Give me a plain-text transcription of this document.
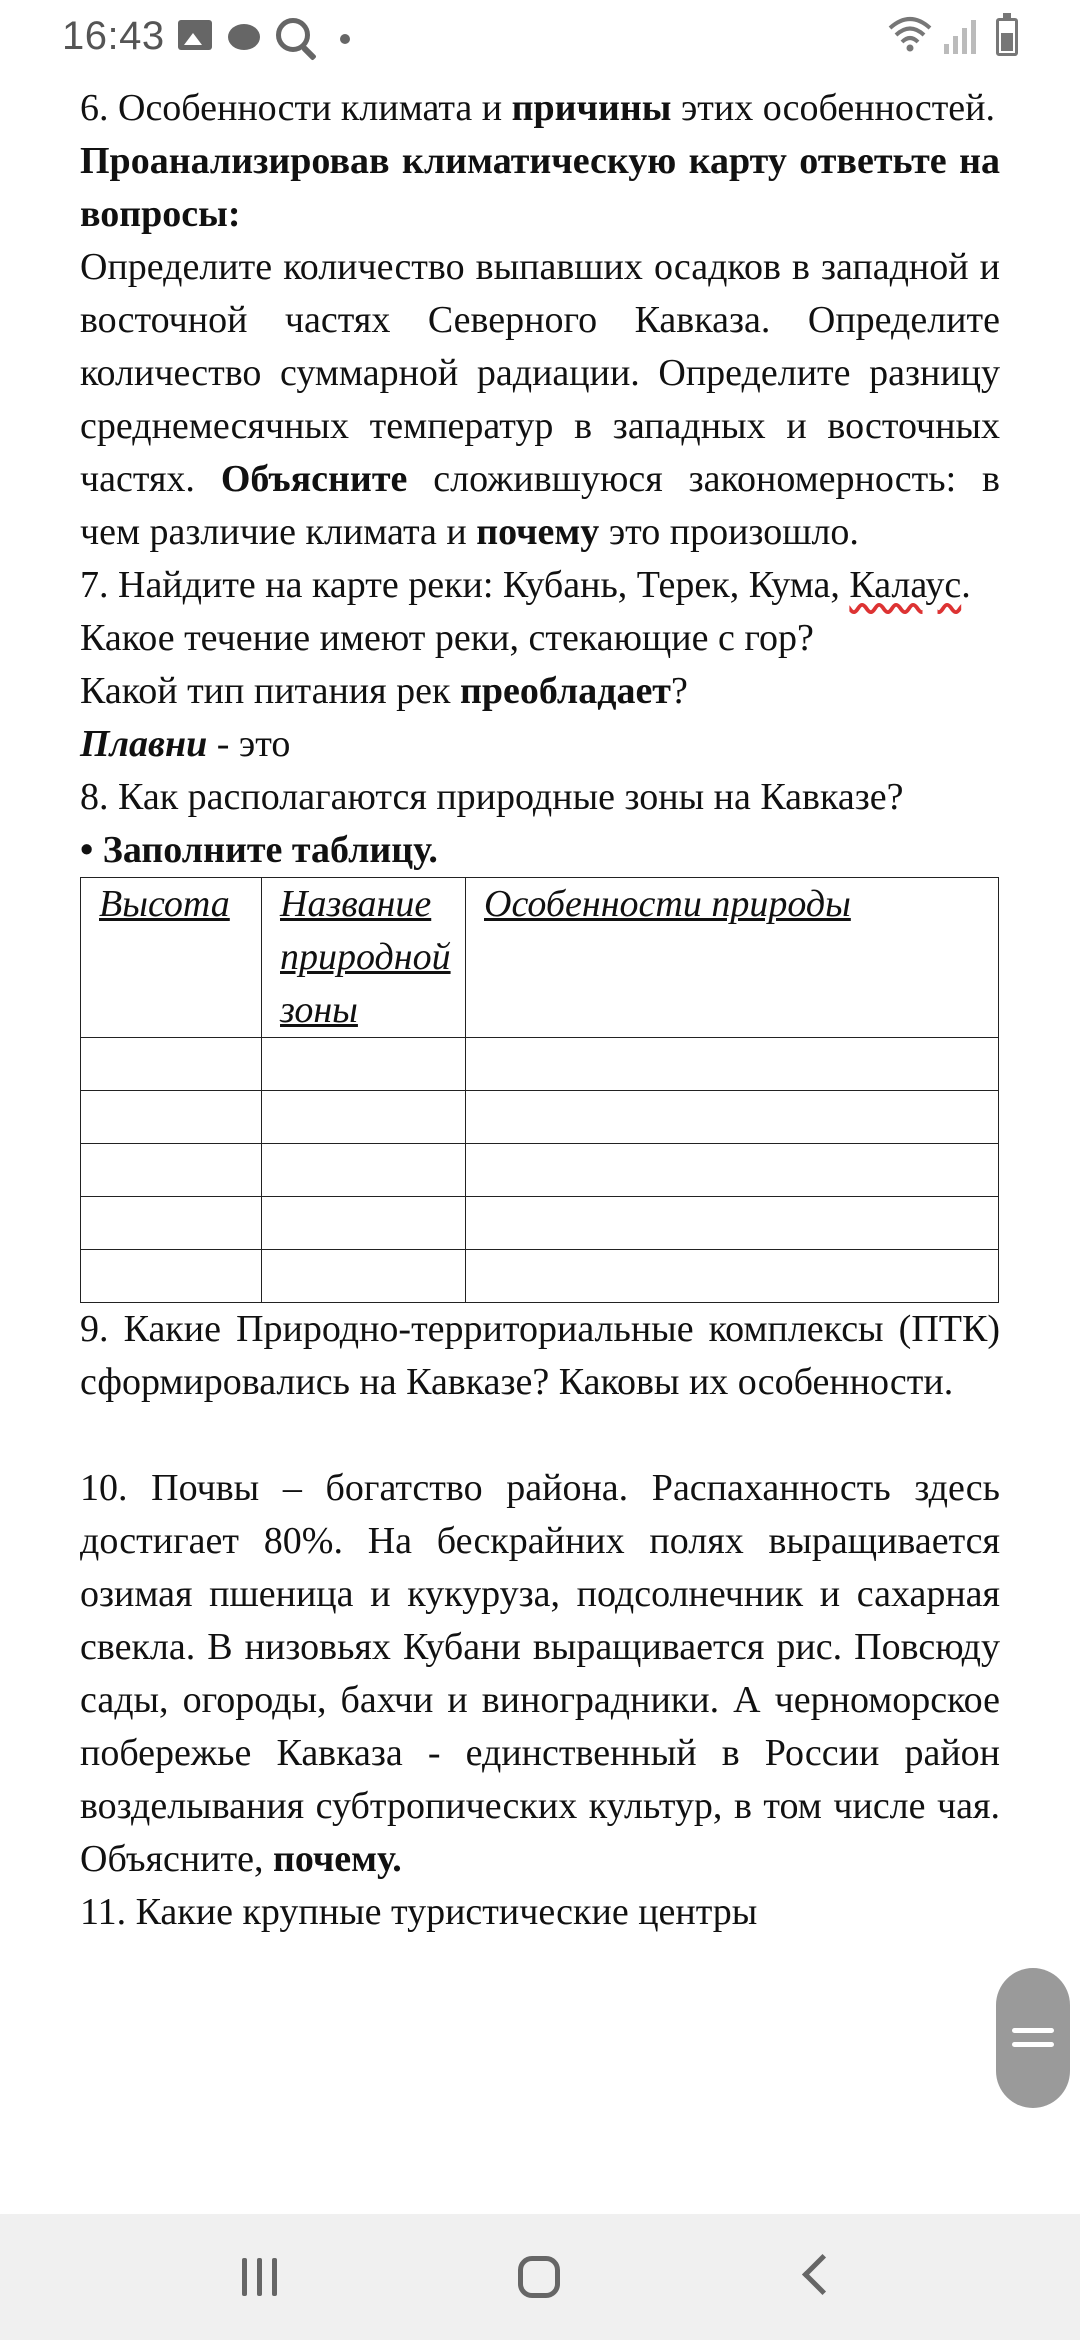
16:43

6. Особенности климата и причины этих особенностей.

Проанализировав климатическую карту ответьте на вопросы:

Определите количество выпавших осадков в западной и восточной частях Северного Кавказа. Определите количество суммарной радиации. Определите разницу среднемесячных температур в западных и восточных частях. Объясните сложившуюся закономерность: в чем различие климата и почему это произошло.

7. Найдите на карте реки: Кубань, Терек, Кума, Калаус.

Какое течение имеют реки, стекающие с гор?

Какой тип питания рек преобладает?

Плавни - это

8. Как располагаются природные зоны на Кавказе?

• Заполните таблицу.

Высота	Название природной зоны	Особенности природы

9. Какие Природно-территориальные комплексы (ПТК) сформировались на Кавказе? Каковы их особенности.

10. Почвы – богатство района. Распаханность здесь достигает 80%. На бескрайних полях выращивается озимая пшеница и кукуруза, подсолнечник и сахарная свекла. В низовьях Кубани выращивается рис. Повсюду сады, огороды, бахчи и виноградники. А черноморское побережье Кавказа - единственный в России район возделывания субтропических культур, в том числе чая. Объясните, почему.

11. Какие крупные туристические центры
